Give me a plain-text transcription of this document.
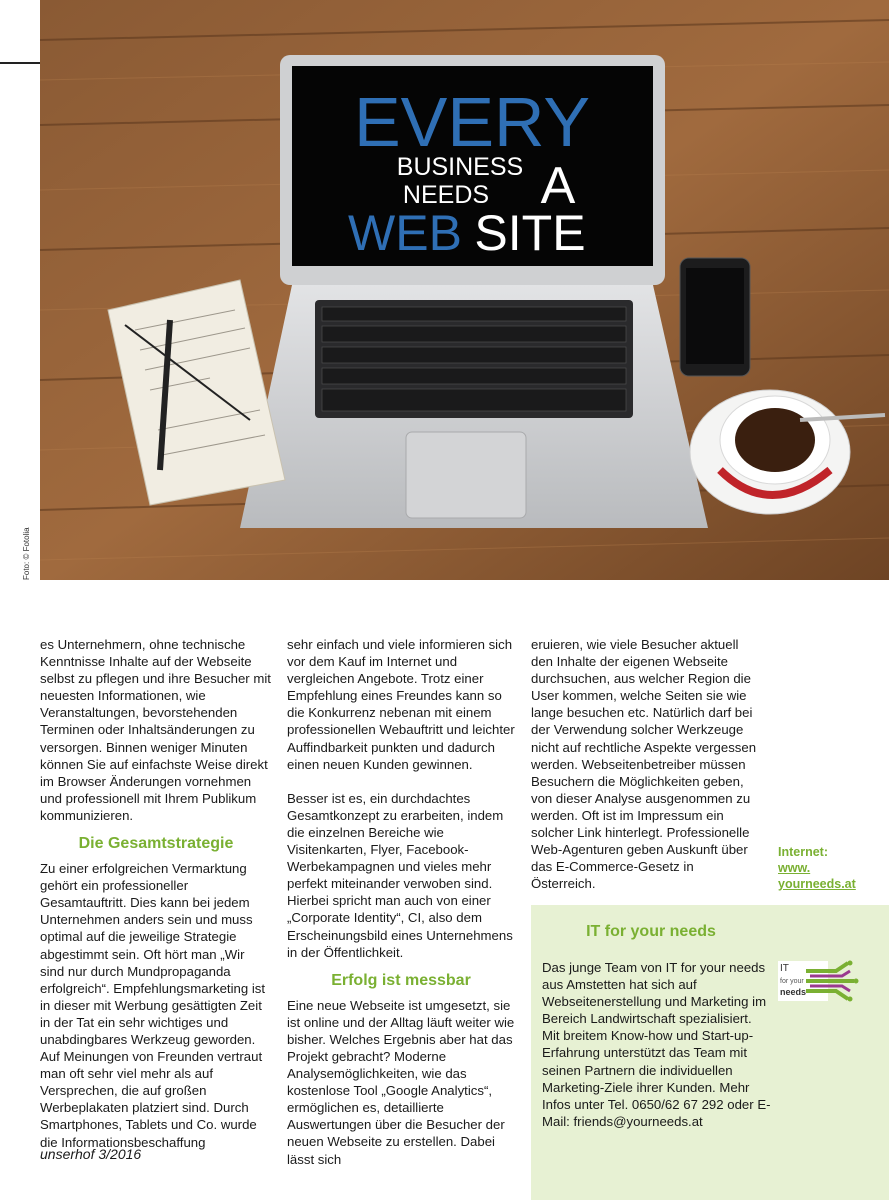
EVERY
BUSINESS
NEEDS A
WEB SITE
Foto: © Fotolia

es Unternehmern, ohne technische Kenntnisse Inhalte auf der Webseite selbst zu pflegen und ihre Besucher mit neuesten Informationen, wie Veranstaltungen, bevorstehenden Terminen oder Inhaltsänderungen zu versorgen. Binnen weniger Minuten können Sie auf einfachste Weise direkt im Browser Änderungen vornehmen und professionell mit Ihrem Publikum kommunizieren.

Die Gesamtstrategie

Zu einer erfolgreichen Vermarktung gehört ein professioneller Gesamtauftritt. Dies kann bei jedem Unternehmen anders sein und muss optimal auf die jeweilige Strategie abgestimmt sein. Oft hört man „Wir sind nur durch Mundpropaganda erfolgreich“. Empfehlungsmarketing ist in dieser mit Werbung gesättigten Zeit in der Tat ein sehr wichtiges und unabdingbares Werkzeug geworden. Auf Meinungen von Freunden vertraut man oft sehr viel mehr als auf Versprechen, die auf großen Werbeplakaten platziert sind. Durch Smartphones, Tablets und Co. wurde die Informationsbeschaffung

sehr einfach und viele informieren sich vor dem Kauf im Internet und vergleichen Angebote. Trotz einer Empfehlung eines Freundes kann so die Konkurrenz nebenan mit einem professionellen Webauftritt und leichter Auffindbarkeit punkten und dadurch einen neuen Kunden gewinnen.

Besser ist es, ein durchdachtes Gesamtkonzept zu erarbeiten, indem die einzelnen Bereiche wie Visitenkarten, Flyer, Facebook-Werbekampagnen und vieles mehr perfekt miteinander verwoben sind. Hierbei spricht man auch von einer „Corporate Identity“, CI, also dem Erscheinungsbild eines Unternehmens in der Öffentlichkeit.

Erfolg ist messbar

Eine neue Webseite ist umgesetzt, sie ist online und der Alltag läuft weiter wie bisher. Welches Ergebnis aber hat das Projekt gebracht? Moderne Analysemöglichkeiten, wie das kostenlose Tool „Google Analytics“, ermöglichen es, detaillierte Auswertungen über die Besucher der neuen Webseite zu erstellen. Dabei lässt sich

eruieren, wie viele Besucher aktuell den Inhalte der eigenen Webseite durchsuchen, aus welcher Region die User kommen, welche Seiten sie wie lange besuchen etc. Natürlich darf bei der Verwendung solcher Werkzeuge nicht auf rechtliche Aspekte vergessen werden. Webseitenbetreiber müssen Besuchern die Möglichkeiten geben, von dieser Analyse ausgenommen zu werden. Oft ist im Impressum ein solcher Link hinterlegt. Professionelle Web-Agenturen geben Auskunft über das E-Commerce-Gesetz in Österreich.

Internet:
www.
yourneeds.at
IT for your needs

Das junge Team von IT for your needs aus Amstetten hat sich auf Webseitenerstellung und Marketing im Bereich Landwirtschaft spezialisiert. Mit breitem Know-how und Start-up-Erfahrung unterstützt das Team mit seinen Partnern die individuellen Marketing-Ziele ihrer Kunden. Mehr Infos unter Tel. 0650/62 67 292 oder E-Mail: friends@yourneeds.at

IT
for your
needs
unserhof 3/2016
